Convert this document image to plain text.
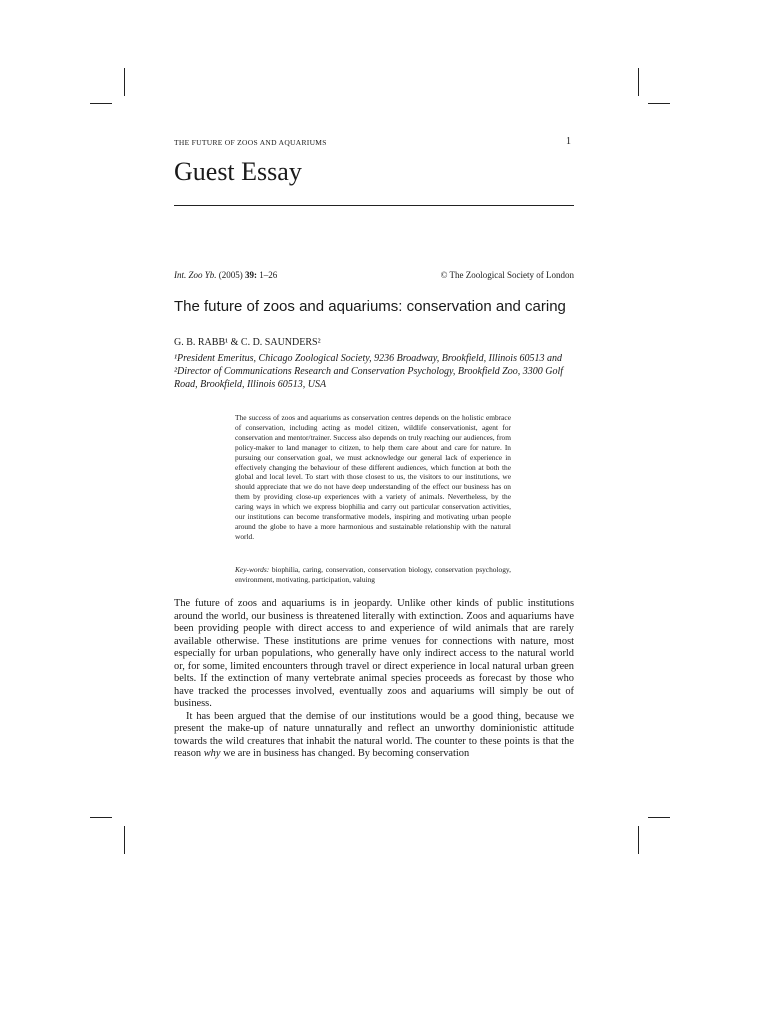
THE FUTURE OF ZOOS AND AQUARIUMS	1
Guest Essay
Int. Zoo Yb. (2005) 39: 1–26	© The Zoological Society of London
The future of zoos and aquariums: conservation and caring
G. B. RABB¹ & C. D. SAUNDERS²
¹President Emeritus, Chicago Zoological Society, 9236 Broadway, Brookfield, Illinois 60513 and ²Director of Communications Research and Conservation Psychology, Brookfield Zoo, 3300 Golf Road, Brookfield, Illinois 60513, USA
The success of zoos and aquariums as conservation centres depends on the holistic embrace of conservation, including acting as model citizen, wildlife conservationist, agent for conservation and mentor/trainer. Success also depends on truly reaching our audiences, from policy-maker to land manager to citizen, to help them care about and care for nature. In pursuing our conservation goal, we must acknowledge our general lack of experience in effectively changing the behaviour of these different audiences, which function at both the global and local level. To start with those closest to us, the visitors to our institutions, we should appreciate that we do not have deep understanding of the effect our business has on them by providing close-up experiences with a variety of animals. Nevertheless, by the caring ways in which we express biophilia and carry out particular conservation activities, our institutions can become transformative models, inspiring and motivating urban people around the globe to have a more harmonious and sustainable relationship with the natural world.
Key-words: biophilia, caring, conservation, conservation biology, conservation psychology, environment, motivating, participation, valuing

The future of zoos and aquariums is in jeopardy. Unlike other kinds of public institutions around the world, our business is threatened literally with extinction. Zoos and aquariums have been providing people with direct access to and experience of wild animals that are rarely available otherwise. These institutions are prime venues for connections with nature, most especially for urban populations, who generally have only indirect access to the natural world or, for some, limited encounters through travel or direct experience in local natural urban green belts. If the extinction of many vertebrate animal species proceeds as forecast by those who have tracked the processes involved, eventually zoos and aquariums will simply be out of business.

It has been argued that the demise of our institutions would be a good thing, because we present the make-up of nature unnaturally and reflect an unworthy dominionistic attitude towards the wild creatures that inhabit the natural world. The counter to these points is that the reason why we are in business has changed. By becoming conservation
